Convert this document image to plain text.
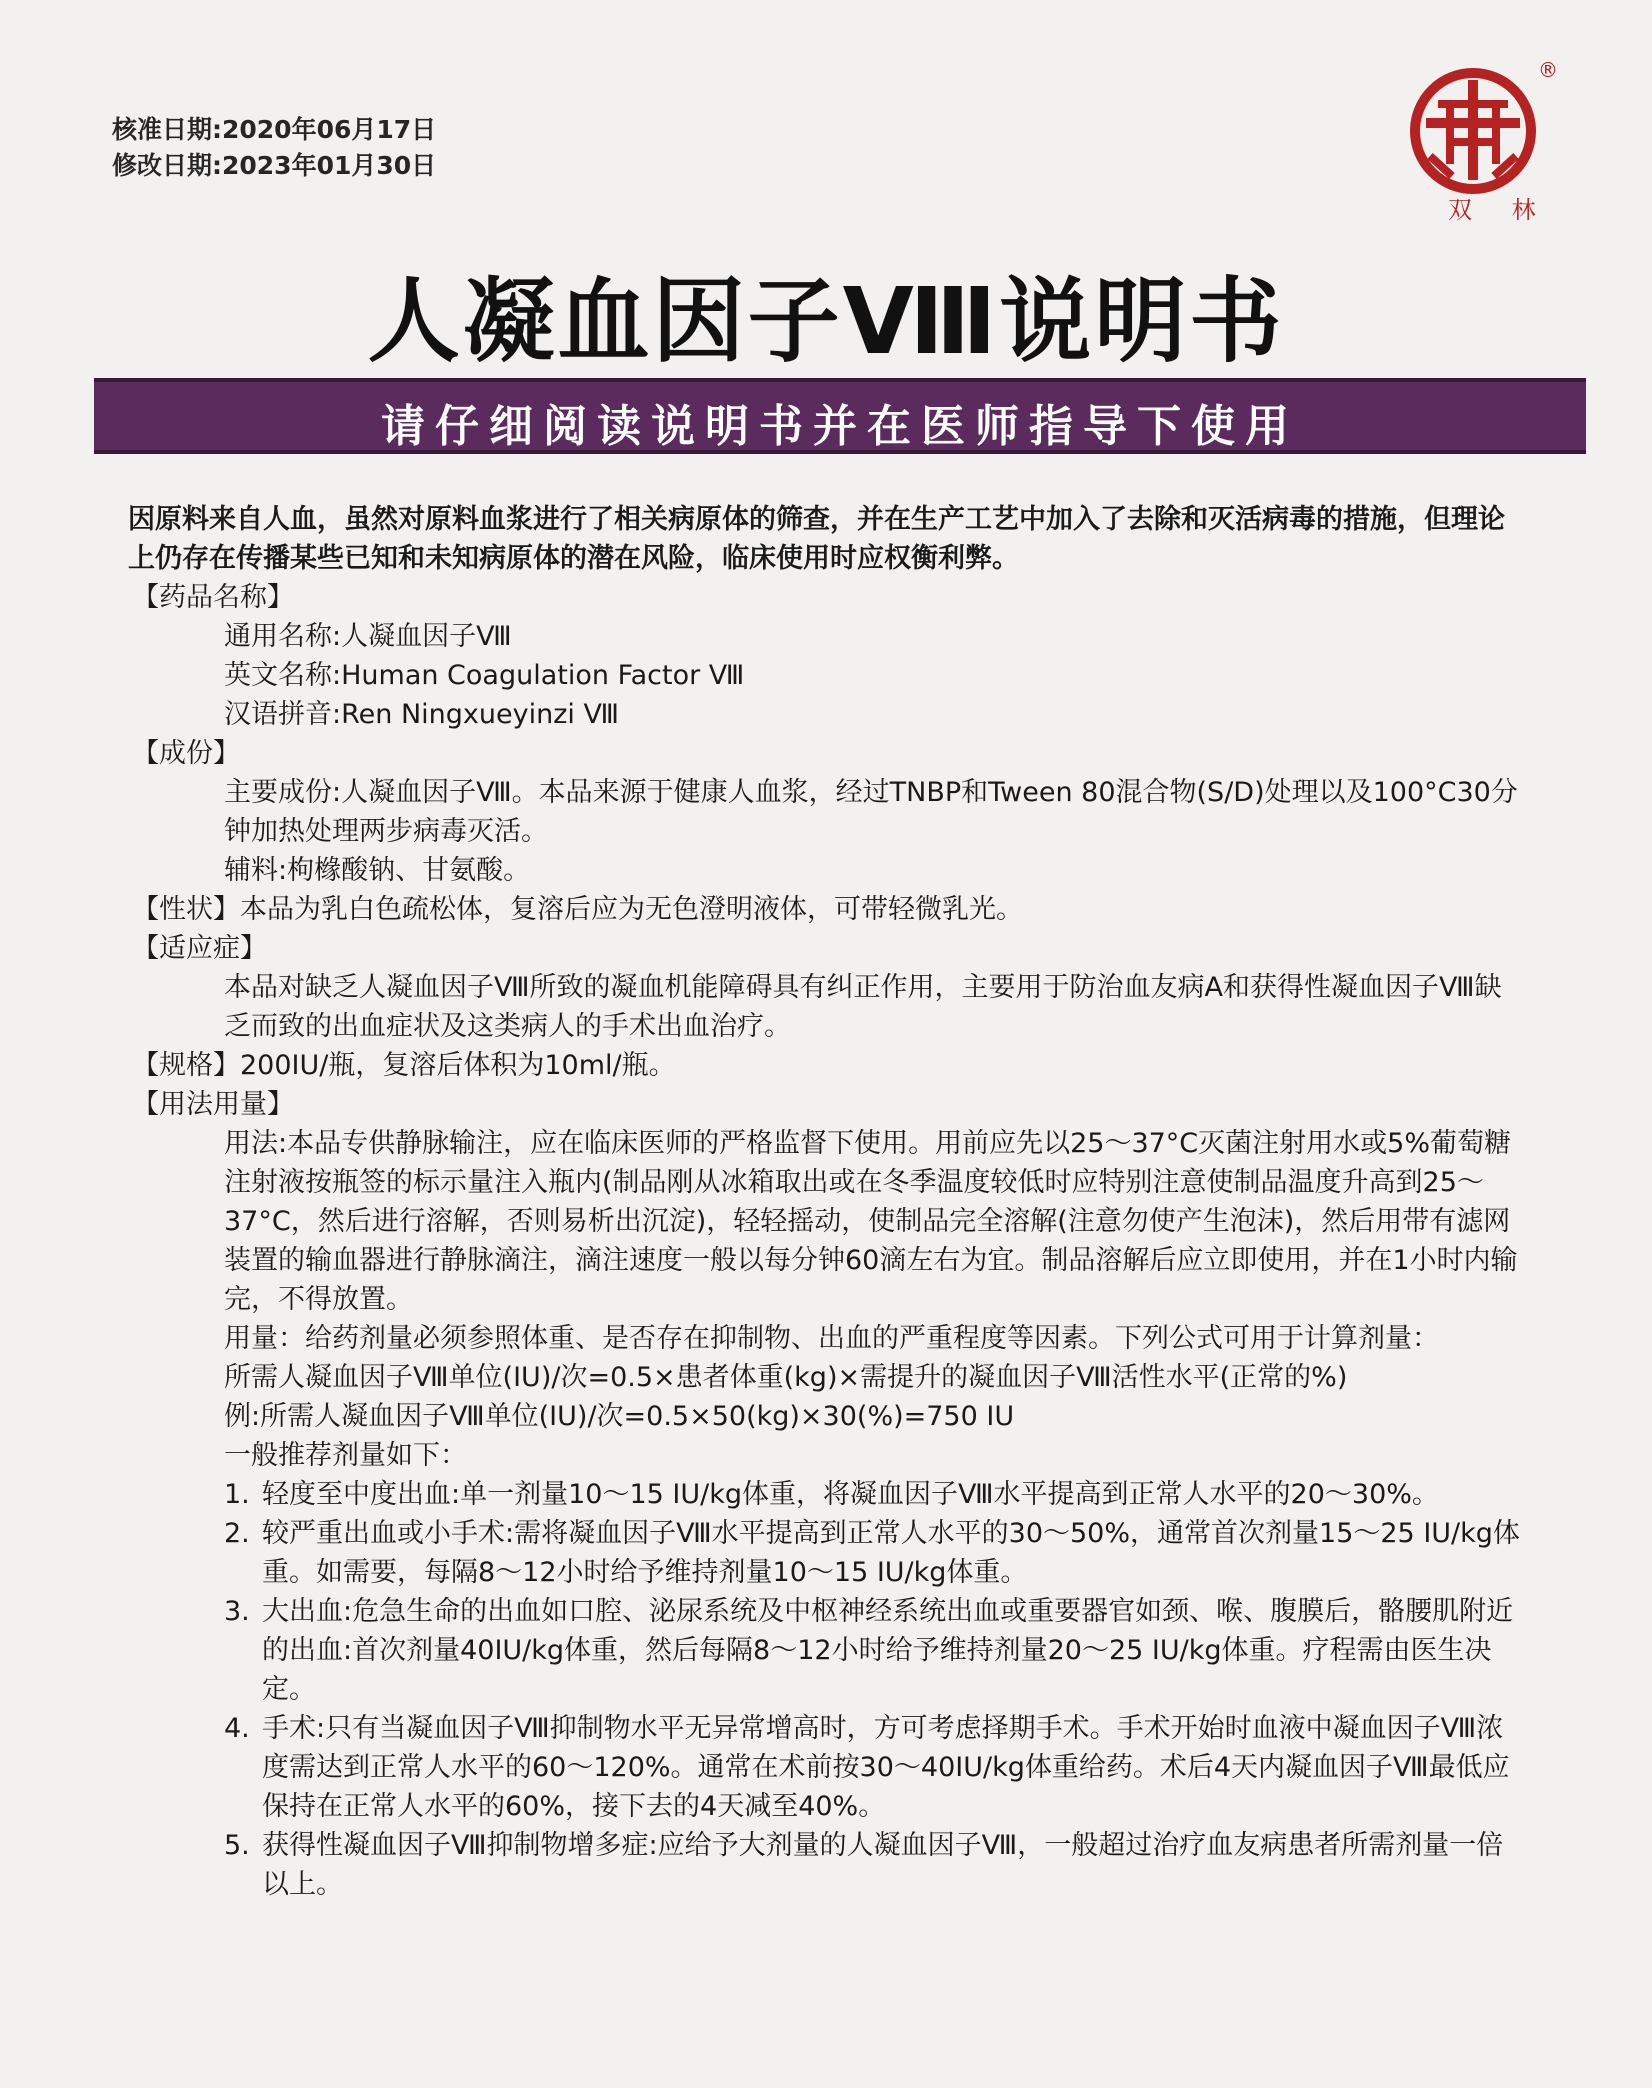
核准日期:2020年06月17日
修改日期:2023年01月30日
®
双 林
人凝血因子Ⅷ说明书
请仔细阅读说明书并在医师指导下使用

因原料来自人血，虽然对原料血浆进行了相关病原体的筛查，并在生产工艺中加入了去除和灭活病毒的措施，但理论上仍存在传播某些已知和未知病原体的潜在风险，临床使用时应权衡利弊。

【药品名称】

通用名称:人凝血因子Ⅷ

英文名称:Human Coagulation Factor Ⅷ

汉语拼音:Ren Ningxueyinzi Ⅷ

【成份】

主要成份:人凝血因子Ⅷ。本品来源于健康人血浆，经过TNBP和Tween 80混合物(S/D)处理以及100°C30分钟加热处理两步病毒灭活。

辅料:枸橼酸钠、甘氨酸。

【性状】本品为乳白色疏松体，复溶后应为无色澄明液体，可带轻微乳光。

【适应症】

本品对缺乏人凝血因子Ⅷ所致的凝血机能障碍具有纠正作用，主要用于防治血友病A和获得性凝血因子Ⅷ缺乏而致的出血症状及这类病人的手术出血治疗。

【规格】200IU/瓶，复溶后体积为10ml/瓶。

【用法用量】

用法:本品专供静脉输注，应在临床医师的严格监督下使用。用前应先以25～37°C灭菌注射用水或5%葡萄糖注射液按瓶签的标示量注入瓶内(制品刚从冰箱取出或在冬季温度较低时应特别注意使制品温度升高到25～37°C，然后进行溶解，否则易析出沉淀)，轻轻摇动，使制品完全溶解(注意勿使产生泡沫)，然后用带有滤网装置的输血器进行静脉滴注，滴注速度一般以每分钟60滴左右为宜。制品溶解后应立即使用，并在1小时内输完，不得放置。

用量：给药剂量必须参照体重、是否存在抑制物、出血的严重程度等因素。下列公式可用于计算剂量：

所需人凝血因子Ⅷ单位(IU)/次=0.5×患者体重(kg)×需提升的凝血因子Ⅷ活性水平(正常的%)

例:所需人凝血因子Ⅷ单位(IU)/次=0.5×50(kg)×30(%)=750 IU

一般推荐剂量如下：

1. 轻度至中度出血:单一剂量10～15 IU/kg体重，将凝血因子Ⅷ水平提高到正常人水平的20～30%。
2. 较严重出血或小手术:需将凝血因子Ⅷ水平提高到正常人水平的30～50%，通常首次剂量15～25 IU/kg体重。如需要，每隔8～12小时给予维持剂量10～15 IU/kg体重。
3. 大出血:危急生命的出血如口腔、泌尿系统及中枢神经系统出血或重要器官如颈、喉、腹膜后，骼腰肌附近的出血:首次剂量40IU/kg体重，然后每隔8～12小时给予维持剂量20～25 IU/kg体重。疗程需由医生决定。
4. 手术:只有当凝血因子Ⅷ抑制物水平无异常增高时，方可考虑择期手术。手术开始时血液中凝血因子Ⅷ浓度需达到正常人水平的60～120%。通常在术前按30～40IU/kg体重给药。术后4天内凝血因子Ⅷ最低应保持在正常人水平的60%，接下去的4天减至40%。
5. 获得性凝血因子Ⅷ抑制物增多症:应给予大剂量的人凝血因子Ⅷ，一般超过治疗血友病患者所需剂量一倍以上。
